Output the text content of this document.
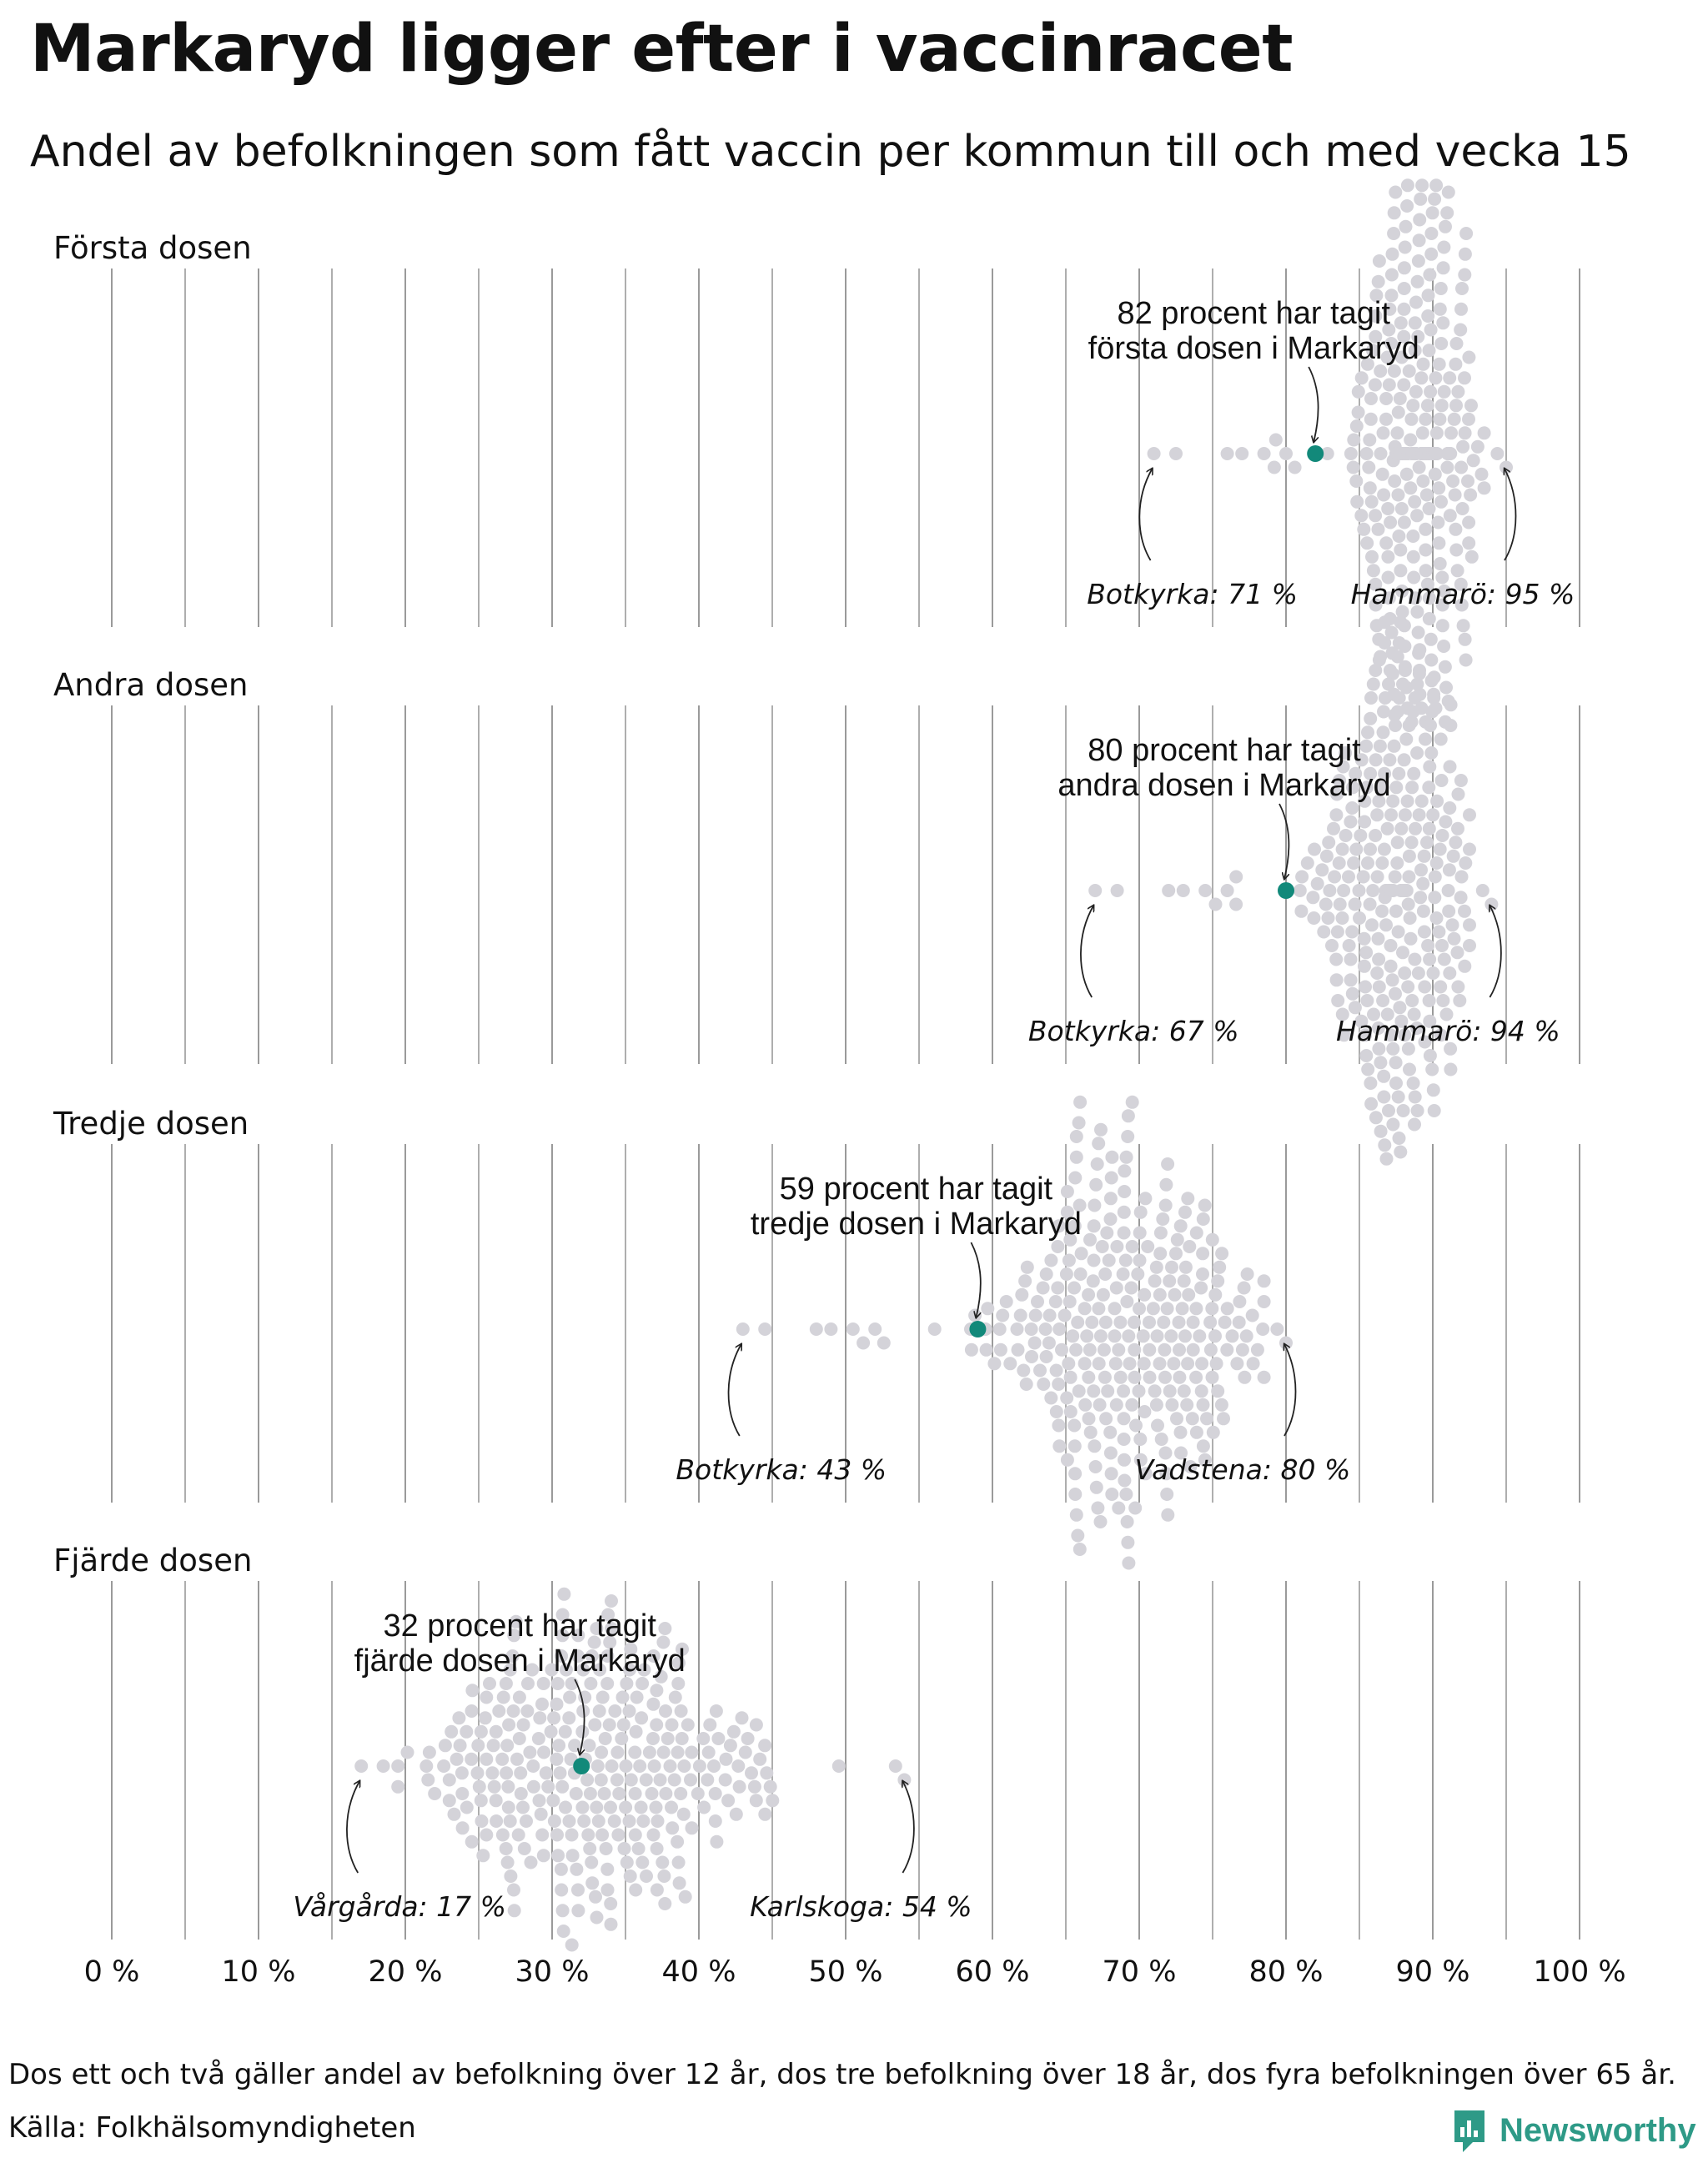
Markaryd ligger efter i vaccinracet
Andel av befolkningen som fått vaccin per kommun till och med vecka 15
Första dosen
82 procent har tagit första dosen i Markaryd
Botkyrka: 71 % Hammarö: 95 %
Andra dosen
80 procent har tagit andra dosen i Markaryd
Botkyrka: 67 %	Hammarö: 94 %
Tredje dosen
59 procent har tagit tredje dosen i Markaryd
Botkyrka: 43 %	Vadstena: 80 %
Fjärde dosen
32 procent har tagit fjärde dosen i Markaryd
Vårgårda: 17 %	Karlskoga: 54 %
0 %	10 % 20 % 30 % 40 % 50 % 60 % 70 % 80 % 90 % 100 %
Dos ett och två gäller andel av befolkning över 12 år, dos tre befolkning över 18 år, dos fyra befolkningen över 65 år.
Källa: Folkhälsomyndigheten	Newsworthy
